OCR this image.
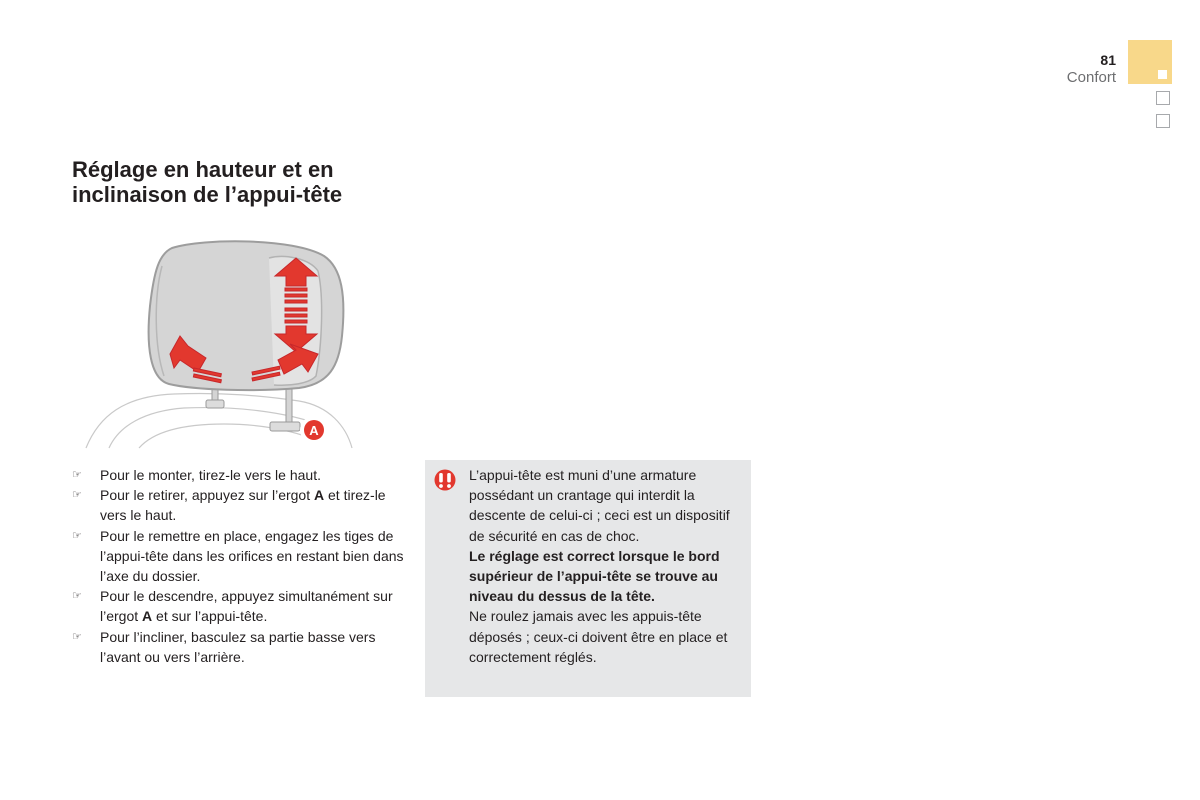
81
Confort
Réglage en hauteur et en
inclinaison de l’appui-tête
A
☞ Pour le monter, tirez-le vers le haut.
☞ Pour le retirer, appuyez sur l’ergot A et tirez-le vers le haut.
☞ Pour le remettre en place, engagez les tiges de l’appui-tête dans les orifices en restant bien dans l’axe du dossier.
☞ Pour le descendre, appuyez simultanément sur l’ergot A et sur l’appui-tête.
☞ Pour l’incliner, basculez sa partie basse vers l’avant ou vers l’arrière.

L’appui-tête est muni d’une armature possédant un crantage qui interdit la descente de celui-ci ; ceci est un dispositif de sécurité en cas de choc.

Le réglage est correct lorsque le bord supérieur de l’appui-tête se trouve au niveau du dessus de la tête.

Ne roulez jamais avec les appuis-tête déposés ; ceux-ci doivent être en place et correctement réglés.
